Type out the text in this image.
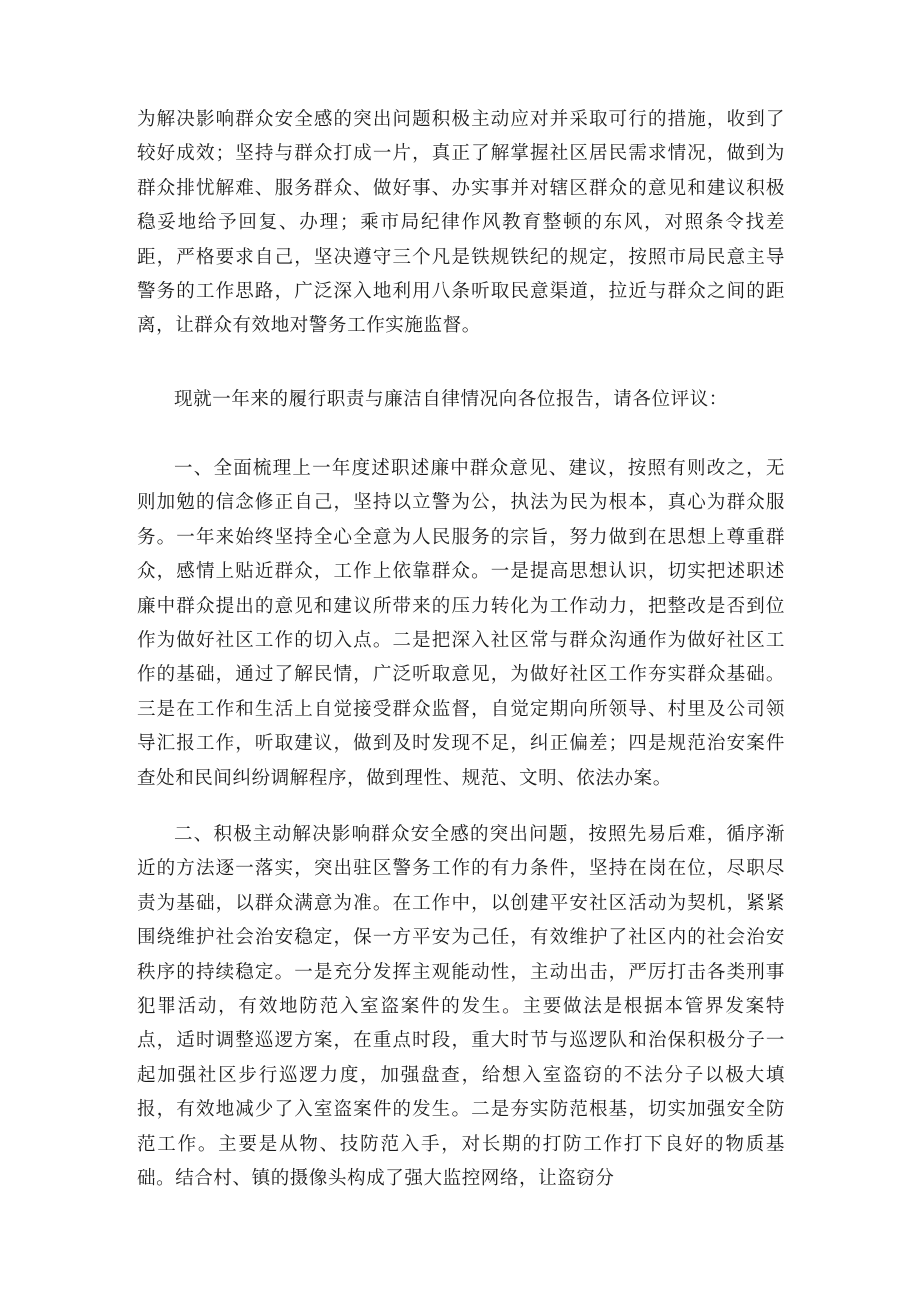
为解决影响群众安全感的突出问题积极主动应对并采取可行的措施，收到了较好成效；坚持与群众打成一片，真正了解掌握社区居民需求情况，做到为群众排忧解难、服务群众、做好事、办实事并对辖区群众的意见和建议积极稳妥地给予回复、办理；乘市局纪律作风教育整顿的东风，对照条令找差距，严格要求自己，坚决遵守三个凡是铁规铁纪的规定，按照市局民意主导警务的工作思路，广泛深入地利用八条听取民意渠道，拉近与群众之间的距离，让群众有效地对警务工作实施监督。

现就一年来的履行职责与廉洁自律情况向各位报告，请各位评议：

一、全面梳理上一年度述职述廉中群众意见、建议，按照有则改之，无则加勉的信念修正自己，坚持以立警为公，执法为民为根本，真心为群众服务。一年来始终坚持全心全意为人民服务的宗旨，努力做到在思想上尊重群众，感情上贴近群众，工作上依靠群众。一是提高思想认识，切实把述职述廉中群众提出的意见和建议所带来的压力转化为工作动力，把整改是否到位作为做好社区工作的切入点。二是把深入社区常与群众沟通作为做好社区工作的基础，通过了解民情，广泛听取意见，为做好社区工作夯实群众基础。三是在工作和生活上自觉接受群众监督，自觉定期向所领导、村里及公司领导汇报工作，听取建议，做到及时发现不足，纠正偏差；四是规范治安案件查处和民间纠纷调解程序，做到理性、规范、文明、依法办案。

二、积极主动解决影响群众安全感的突出问题，按照先易后难，循序渐近的方法逐一落实，突出驻区警务工作的有力条件，坚持在岗在位，尽职尽责为基础，以群众满意为准。在工作中，以创建平安社区活动为契机，紧紧围绕维护社会治安稳定，保一方平安为己任，有效维护了社区内的社会治安秩序的持续稳定。一是充分发挥主观能动性，主动出击，严厉打击各类刑事犯罪活动，有效地防范入室盗案件的发生。主要做法是根据本管界发案特点，适时调整巡逻方案，在重点时段，重大时节与巡逻队和治保积极分子一起加强社区步行巡逻力度，加强盘查，给想入室盗窃的不法分子以极大填报，有效地减少了入室盗案件的发生。二是夯实防范根基，切实加强安全防范工作。主要是从物、技防范入手，对长期的打防工作打下良好的物质基础。结合村、镇的摄像头构成了强大监控网络，让盗窃分
